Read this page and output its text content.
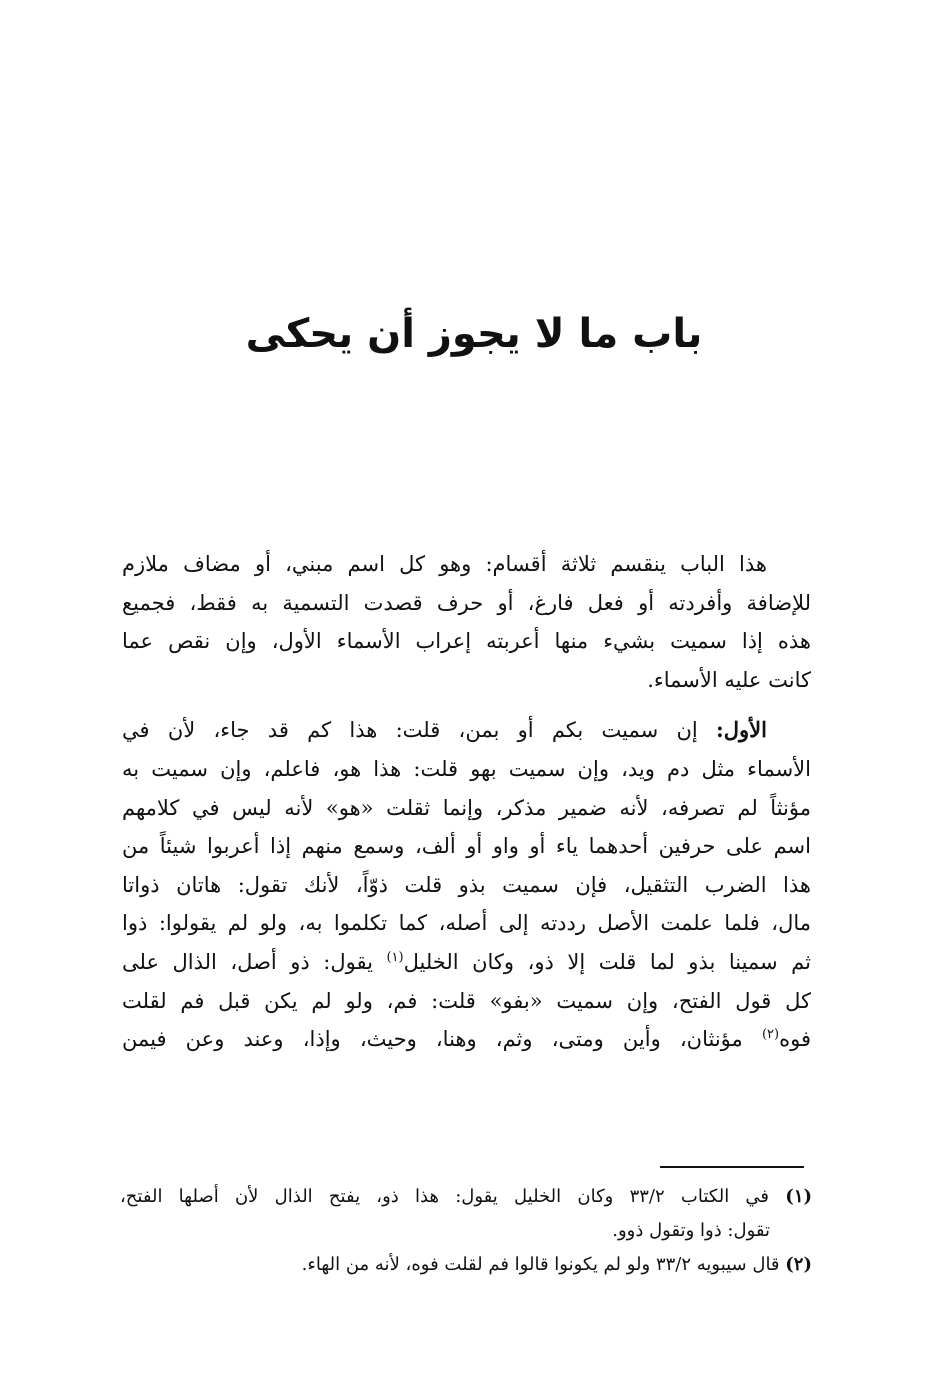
باب ما لا يجوز أن يحكى
هذا الباب ينقسم ثلاثة أقسام: وهو كل اسم مبني، أو مضاف ملازم
للإضافة وأفردته أو فعل فارغ، أو حرف قصدت التسمية به فقط، فجميع
هذه إذا سميت بشيء منها أعربته إعراب الأسماء الأول، وإن نقص عما
كانت عليه الأسماء.
الأول: إن سميت بكم أو بمن، قلت: هذا كم قد جاء، لأن في
الأسماء مثل دم ويد، وإن سميت بهو قلت: هذا هو، فاعلم، وإن سميت به
مؤنثاً لم تصرفه، لأنه ضمير مذكر، وإنما ثقلت «هو» لأنه ليس في كلامهم
اسم على حرفين أحدهما ياء أو واو أو ألف، وسمع منهم إذا أعربوا شيئاً من
هذا الضرب التثقيل، فإن سميت بذو قلت ذوّاً، لأنك تقول: هاتان ذواتا
مال، فلما علمت الأصل رددته إلى أصله، كما تكلموا به، ولو لم يقولوا: ذوا
ثم سمينا بذو لما قلت إلا ذو، وكان الخليل$^{(١)}$ يقول: ذو أصل، الذال على
كل قول الفتح، وإن سميت «بفو» قلت: فم، ولو لم يكن قبل فم لقلت
فوه$^{(٢)}$ مؤنثان، وأين ومتى، وثم، وهنا، وحيث، وإذا، وعند وعن فيمن
(١) في الكتاب ٣٣/٢ وكان الخليل يقول: هذا ذو، يفتح الذال لأن أصلها الفتح،
تقول: ذوا وتقول ذوو.
(٢) قال سيبويه ٣٣/٢ ولو لم يكونوا قالوا فم لقلت فوه، لأنه من الهاء.
